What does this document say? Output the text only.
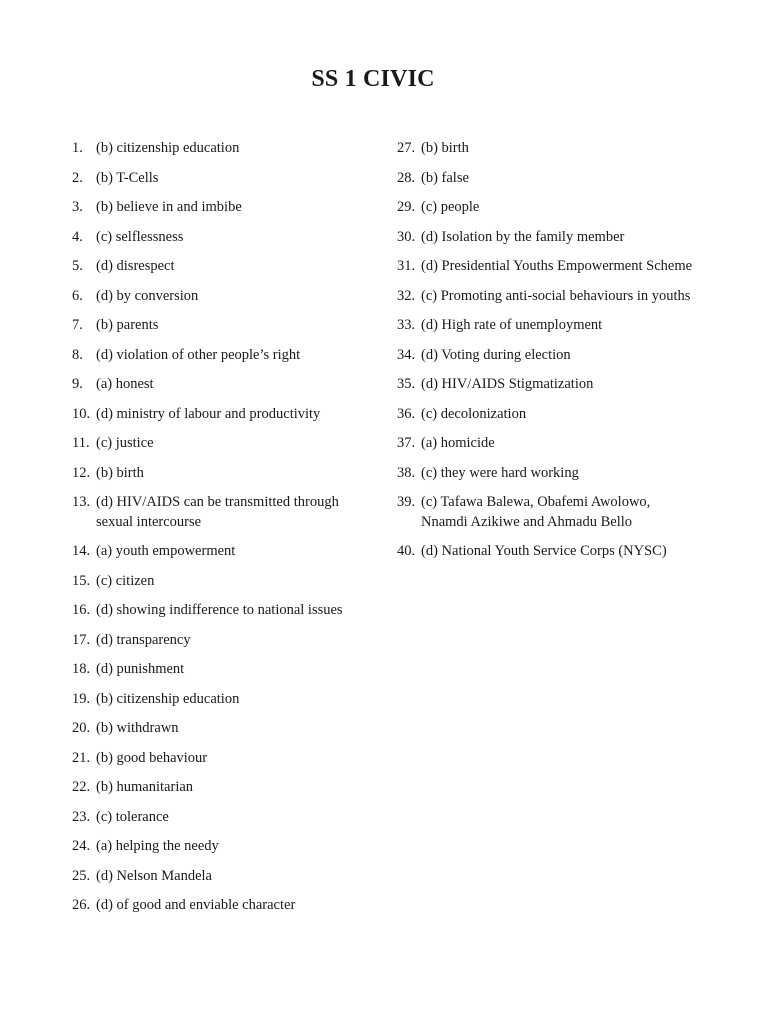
SS 1 CIVIC
1. (b) citizenship education
2. (b) T-Cells
3. (b) believe in and imbibe
4. (c) selflessness
5. (d) disrespect
6. (d) by conversion
7. (b) parents
8. (d) violation of other people’s right
9. (a) honest
10. (d) ministry of labour and productivity
11. (c) justice
12. (b) birth
13. (d) HIV/AIDS can be transmitted through sexual intercourse
14. (a) youth empowerment
15. (c) citizen
16. (d) showing indifference to national issues
17. (d) transparency
18. (d) punishment
19. (b) citizenship education
20. (b) withdrawn
21. (b) good behaviour
22. (b) humanitarian
23. (c) tolerance
24. (a) helping the needy
25. (d) Nelson Mandela
26. (d) of good and enviable character
27. (b) birth
28. (b) false
29. (c) people
30. (d) Isolation by the family member
31. (d) Presidential Youths Empowerment Scheme
32. (c) Promoting anti-social behaviours in youths
33. (d) High rate of unemployment
34. (d) Voting during election
35. (d) HIV/AIDS Stigmatization
36. (c) decolonization
37. (a) homicide
38. (c) they were hard working
39. (c) Tafawa Balewa, Obafemi Awolowo, Nnamdi Azikiwe and Ahmadu Bello
40. (d) National Youth Service Corps (NYSC)
